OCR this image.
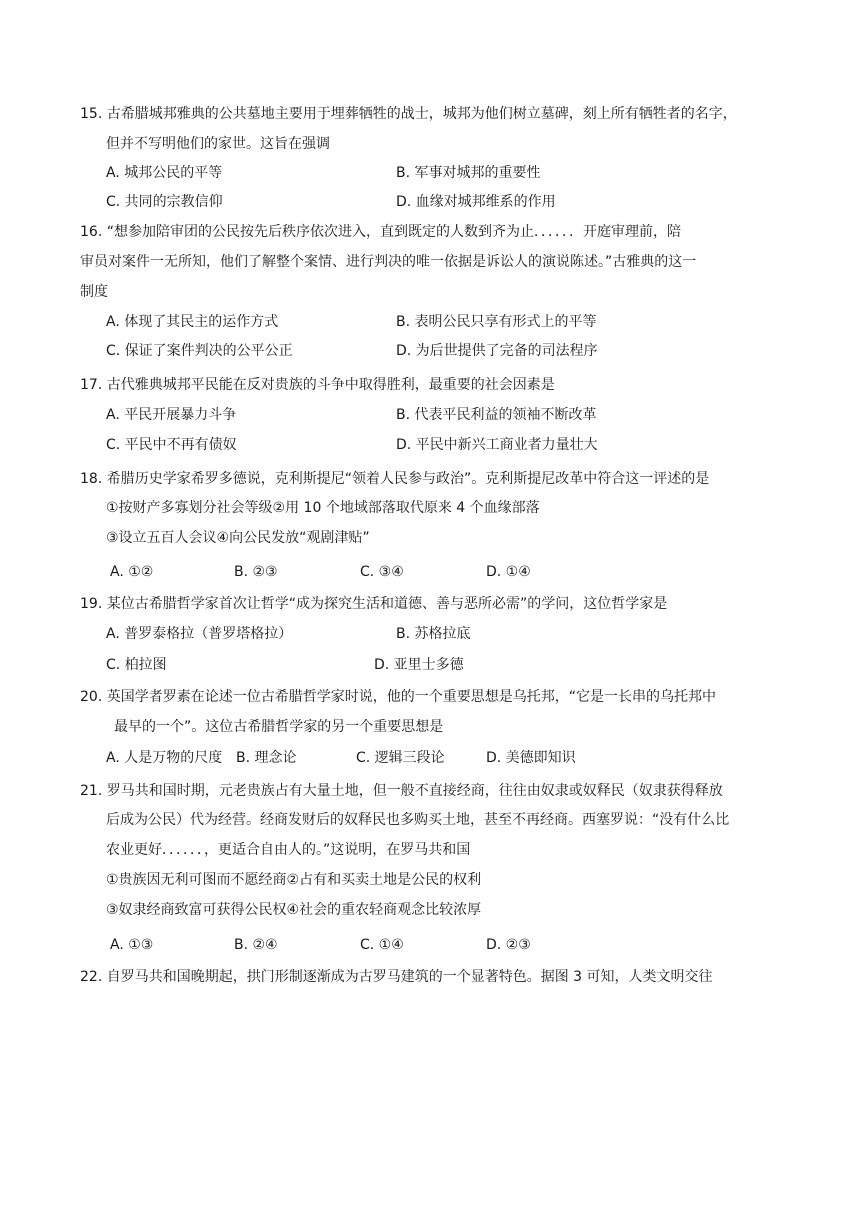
15. 古希腊城邦雅典的公共墓地主要用于埋葬牺牲的战士，城邦为他们树立墓碑，刻上所有牺牲者的名字，
但并不写明他们的家世。这旨在强调
A. 城邦公民的平等	B. 军事对城邦的重要性
C. 共同的宗教信仰	D. 血缘对城邦维系的作用
16. “想参加陪审团的公民按先后秩序依次进入，直到既定的人数到齐为止．．．．．．开庭审理前，陪
审员对案件一无所知，他们了解整个案情、进行判决的唯一依据是诉讼人的演说陈述。”古雅典的这一
制度
A. 体现了其民主的运作方式	B. 表明公民只享有形式上的平等
C. 保证了案件判决的公平公正	D. 为后世提供了完备的司法程序
17. 古代雅典城邦平民能在反对贵族的斗争中取得胜利，最重要的社会因素是
A. 平民开展暴力斗争	B. 代表平民利益的领袖不断改革
C. 平民中不再有债奴	D. 平民中新兴工商业者力量壮大
18. 希腊历史学家希罗多德说，克利斯提尼“领着人民参与政治”。克利斯提尼改革中符合这一评述的是
①按财产多寡划分社会等级②用 10 个地域部落取代原来 4 个血缘部落
③设立五百人会议④向公民发放“观剧津贴”
A. ①②	B. ②③	C. ③④	D. ①④
19. 某位古希腊哲学家首次让哲学“成为探究生活和道德、善与恶所必需”的学问，这位哲学家是
A. 普罗泰格拉（普罗塔格拉）	B. 苏格拉底
C. 柏拉图	D. 亚里士多德
20. 英国学者罗素在论述一位古希腊哲学家时说，他的一个重要思想是乌托邦，“它是一长串的乌托邦中
最早的一个”。这位古希腊哲学家的另一个重要思想是
A. 人是万物的尺度 B. 理念论	C. 逻辑三段论	D. 美德即知识
21. 罗马共和国时期，元老贵族占有大量土地，但一般不直接经商，往往由奴隶或奴释民（奴隶获得释放
后成为公民）代为经营。经商发财后的奴释民也多购买土地，甚至不再经商。西塞罗说：“没有什么比
农业更好．．．．．．，更适合自由人的。”这说明，在罗马共和国
①贵族因无利可图而不愿经商②占有和买卖土地是公民的权利
③奴隶经商致富可获得公民权④社会的重农轻商观念比较浓厚
A. ①③	B. ②④	C. ①④	D. ②③
22. 自罗马共和国晚期起，拱门形制逐渐成为古罗马建筑的一个显著特色。据图 3 可知，人类文明交往
